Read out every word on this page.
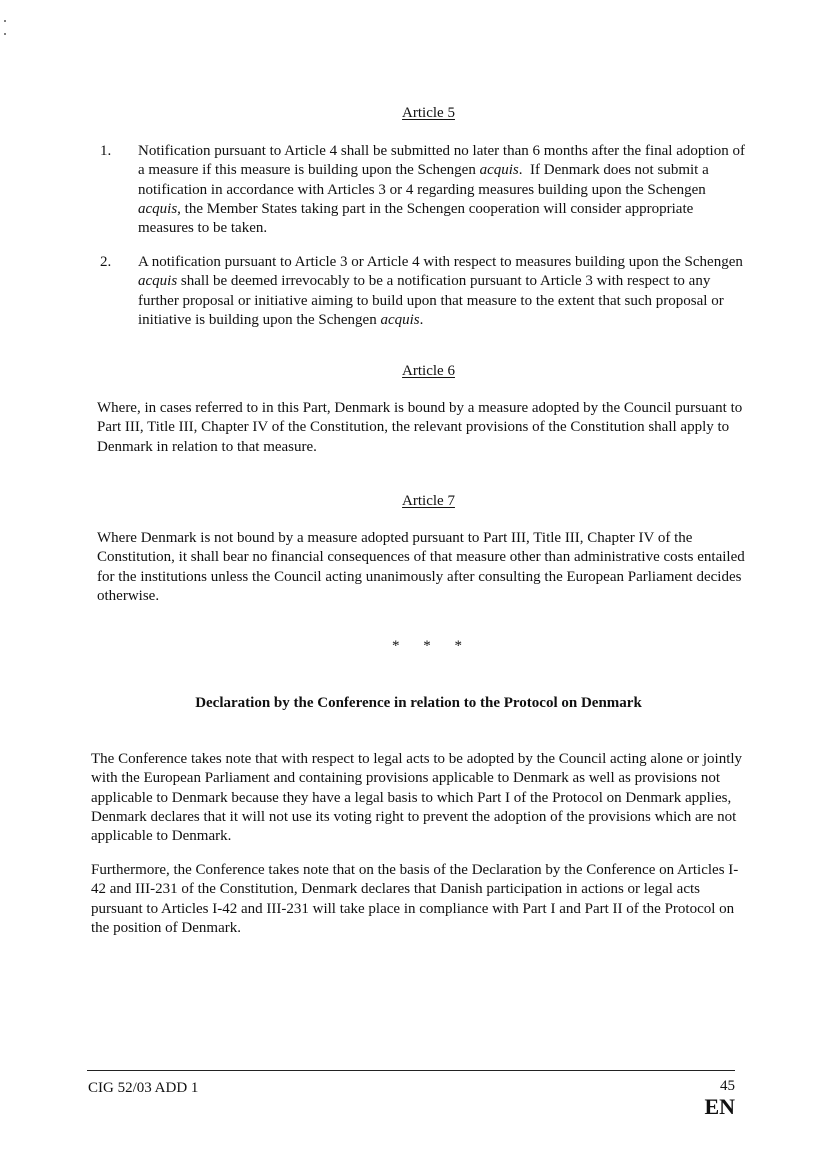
Article 5
1. Notification pursuant to Article 4 shall be submitted no later than 6 months after the final adoption of a measure if this measure is building upon the Schengen acquis.  If Denmark does not submit a notification in accordance with Articles 3 or 4 regarding measures building upon the Schengen acquis, the Member States taking part in the Schengen cooperation will consider appropriate measures to be taken.
2. A notification pursuant to Article 3 or Article 4 with respect to measures building upon the Schengen acquis shall be deemed irrevocably to be a notification pursuant to Article 3 with respect to any further proposal or initiative aiming to build upon that measure to the extent that such proposal or initiative is building upon the Schengen acquis.
Article 6
Where, in cases referred to in this Part, Denmark is bound by a measure adopted by the Council pursuant to Part III, Title III, Chapter IV of the Constitution, the relevant provisions of the Constitution shall apply to Denmark in relation to that measure.
Article 7
Where Denmark is not bound by a measure adopted pursuant to Part III, Title III, Chapter IV of the Constitution, it shall bear no financial consequences of that measure other than administrative costs entailed for the institutions unless the Council acting unanimously after consulting the European Parliament decides otherwise.
* * *
Declaration by the Conference in relation to the Protocol on Denmark
The Conference takes note that with respect to legal acts to be adopted by the Council acting alone or jointly with the European Parliament and containing provisions applicable to Denmark as well as provisions not applicable to Denmark because they have a legal basis to which Part I of the Protocol on Denmark applies, Denmark declares that it will not use its voting right to prevent the adoption of the provisions which are not applicable to Denmark.
Furthermore, the Conference takes note that on the basis of the Declaration by the Conference on Articles I-42 and III-231 of the Constitution, Denmark declares that Danish participation in actions or legal acts pursuant to Articles I-42 and III-231 will take place in compliance with Part I and Part II of the Protocol on the position of Denmark.
CIG 52/03 ADD 1	45
EN
